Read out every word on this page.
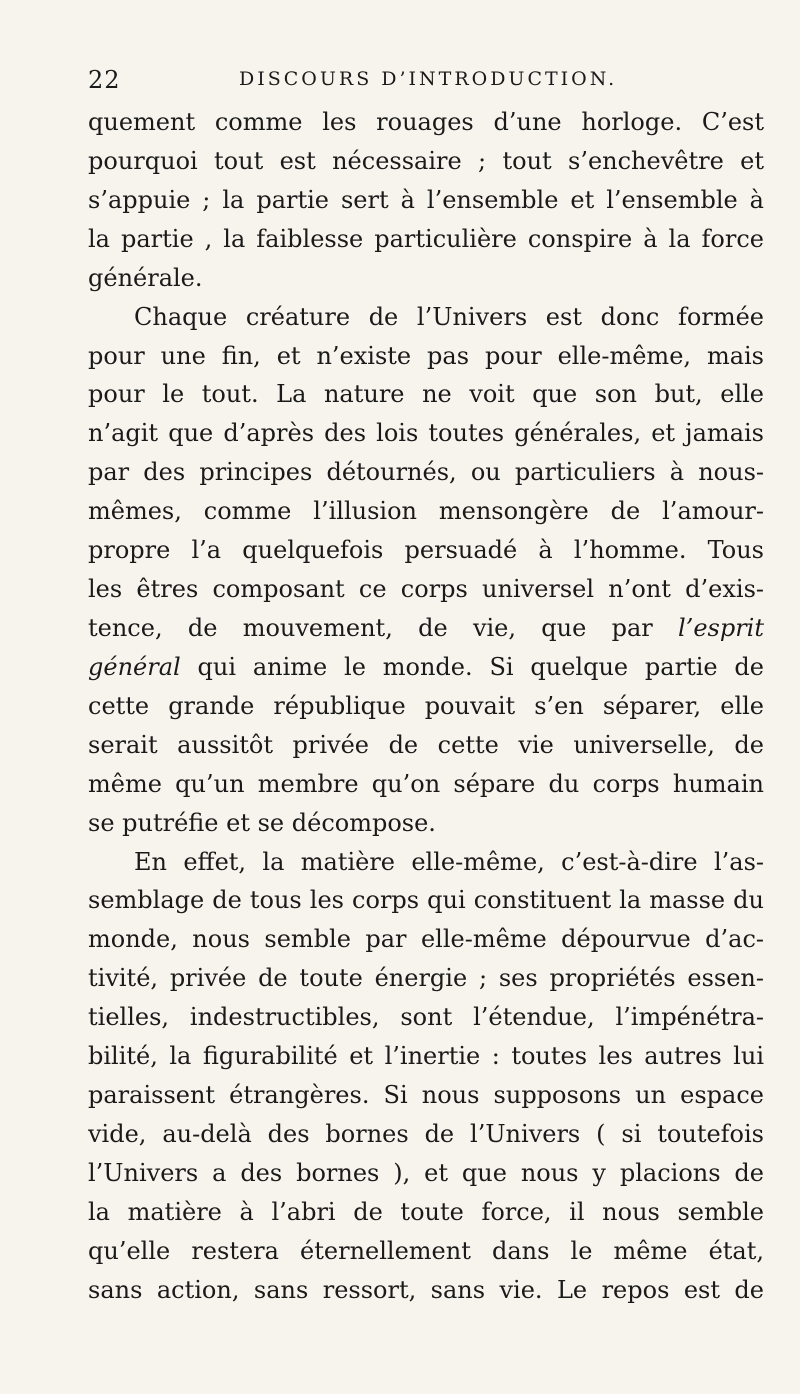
22	DISCOURS D’INTRODUCTION.
quement comme les rouages d’une horloge. C’est
pourquoi tout est nécessaire ; tout s’enchevêtre et
s’appuie ; la partie sert à l’ensemble et l’ensemble à
la partie , la faiblesse particulière conspire à la force
générale.
Chaque créature de l’Univers est donc formée
pour une fin, et n’existe pas pour elle-même, mais
pour le tout. La nature ne voit que son but, elle
n’agit que d’après des lois toutes générales, et jamais
par des principes détournés, ou particuliers à nous-
mêmes, comme l’illusion mensongère de l’amour-
propre l’a quelquefois persuadé à l’homme. Tous
les êtres composant ce corps universel n’ont d’exis-
tence, de mouvement, de vie, que par l’esprit
général qui anime le monde. Si quelque partie de
cette grande république pouvait s’en séparer, elle
serait aussitôt privée de cette vie universelle, de
même qu’un membre qu’on sépare du corps humain
se putréfie et se décompose.
En effet, la matière elle-même, c’est-à-dire l’as-
semblage de tous les corps qui constituent la masse du
monde, nous semble par elle-même dépourvue d’ac-
tivité, privée de toute énergie ; ses propriétés essen-
tielles, indestructibles, sont l’étendue, l’impénétra-
bilité, la figurabilité et l’inertie : toutes les autres lui
paraissent étrangères. Si nous supposons un espace
vide, au-delà des bornes de l’Univers ( si toutefois
l’Univers a des bornes ), et que nous y placions de
la matière à l’abri de toute force, il nous semble
qu’elle restera éternellement dans le même état,
sans action, sans ressort, sans vie. Le repos est de
